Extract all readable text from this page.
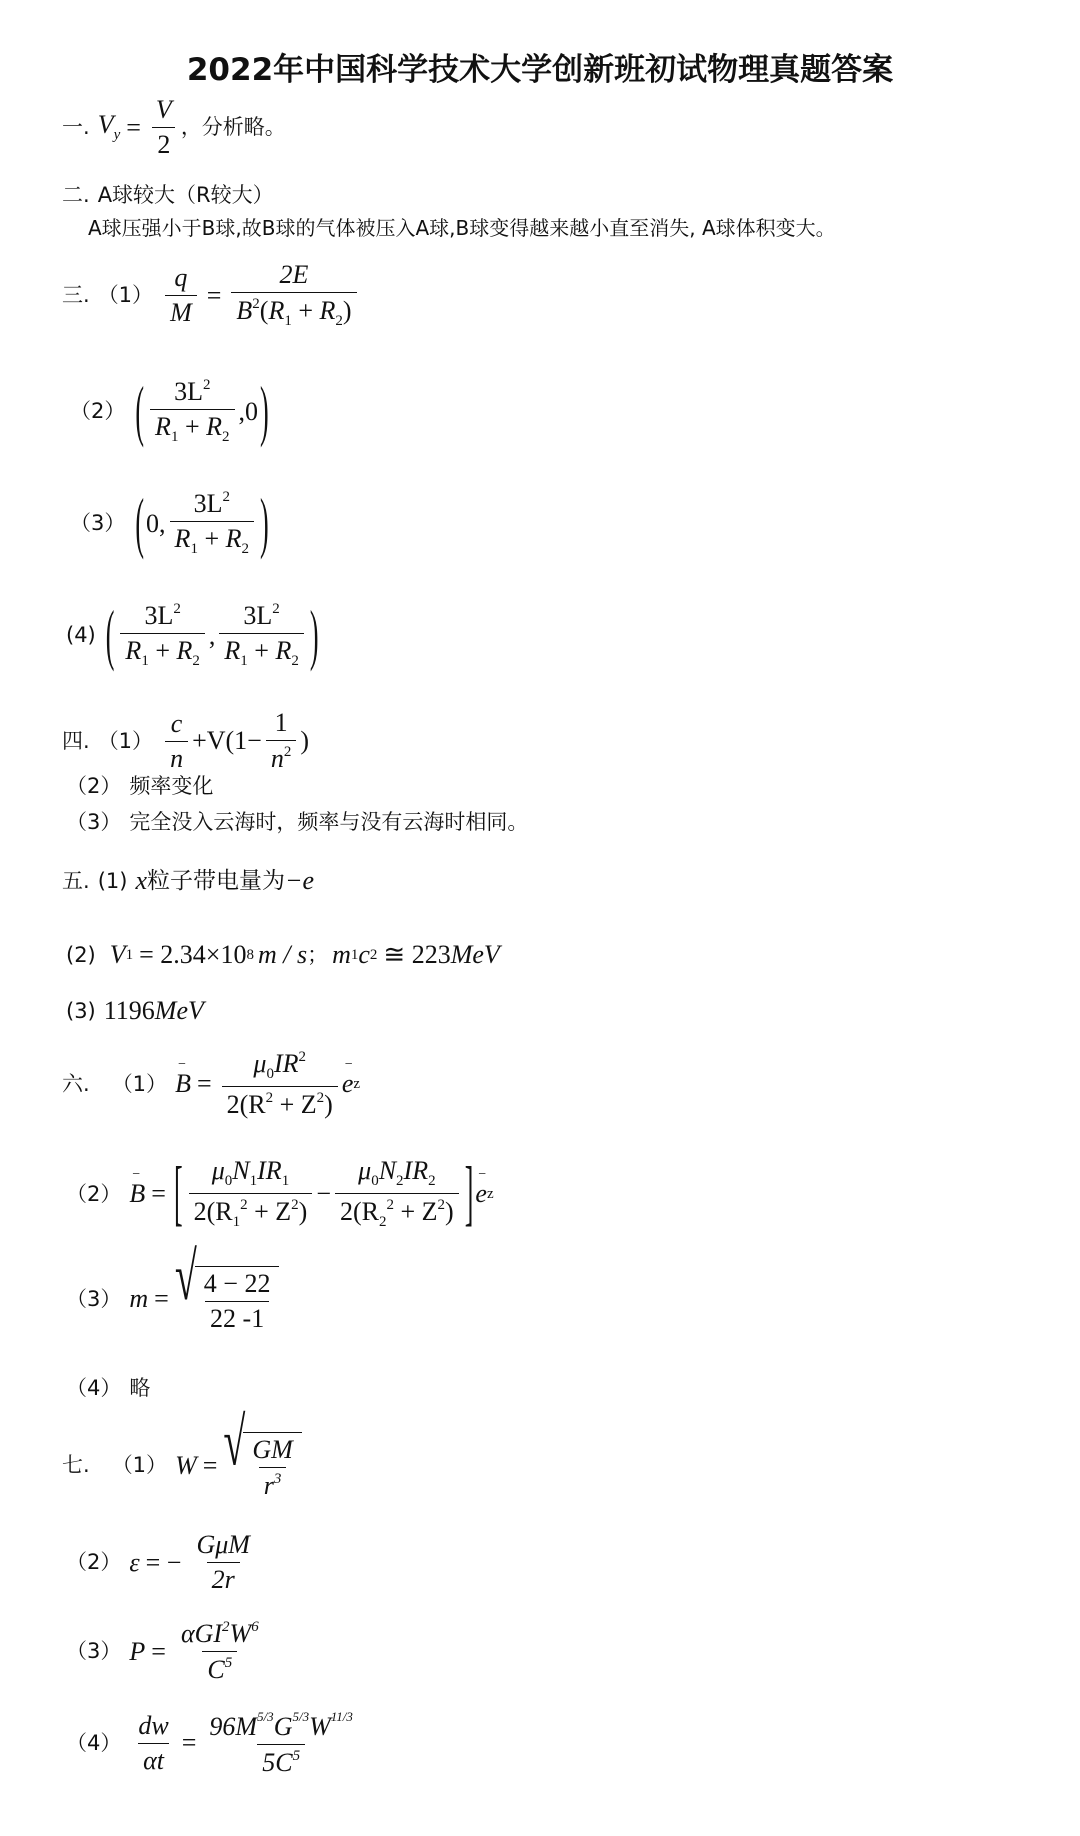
2022年中国科学技术大学创新班初试物理真题答案
一. $V_y = \frac{V}{2}$ ，分析略。
二. A球较大（R较大）
A球压强小于B球,故B球的气体被压入A球,B球变得越来越小直至消失, A球体积变大。
三. $(1) \frac{q}{M} = \frac{2E}{B^2(R_1 + R_2)}$
（2） ( $\frac{3L^2}{R_1 + R_2} ,0$ )
（3） ( 0, $\frac{3L^2}{R_1 + R_2}$ )
(4) ( $\frac{3L^2}{R_1 + R_2}$ , $\frac{3L^2}{R_1 + R_2}$ )
四. $(1) \frac{c}{n} +V(1- \frac{1}{n^2}$ )
（2） 频率变化
（3） 完全没入云海时，频率与没有云海时相同。
五. (1) x 粒子带电量为 −e
(2) V 1 = 2.34×10 8 m / s ； m 1 c 2 ≅ 223 MeV
(3) 1196 MeV
六. （1）
− $B = \frac{\mu_0IR^2}{2(R^2 + Z^2)}$
− e z
（2）
− B = [ $\frac{\mu_0N_1IR_1}{2(R_1^2 + Z^2)} - \frac{\mu_0N_2IR_2}{2(R_2^2 + Z^2)}$ ]
− e z
（3） m = √ $\frac{4 - 22}{22 -1}$
（4） 略
七. （1） W = √ $\frac{GM}{r^3}$
（2） ε = − $\frac{\text{GμM}}{2r}$
（3） $P = \frac{\alpha GI^2W^6}{C^5}$
$(4) \frac{dw}{\alpha t} = \frac{96M^{5/3}G^{5/3}W^{11/3}}{5C^5}$
